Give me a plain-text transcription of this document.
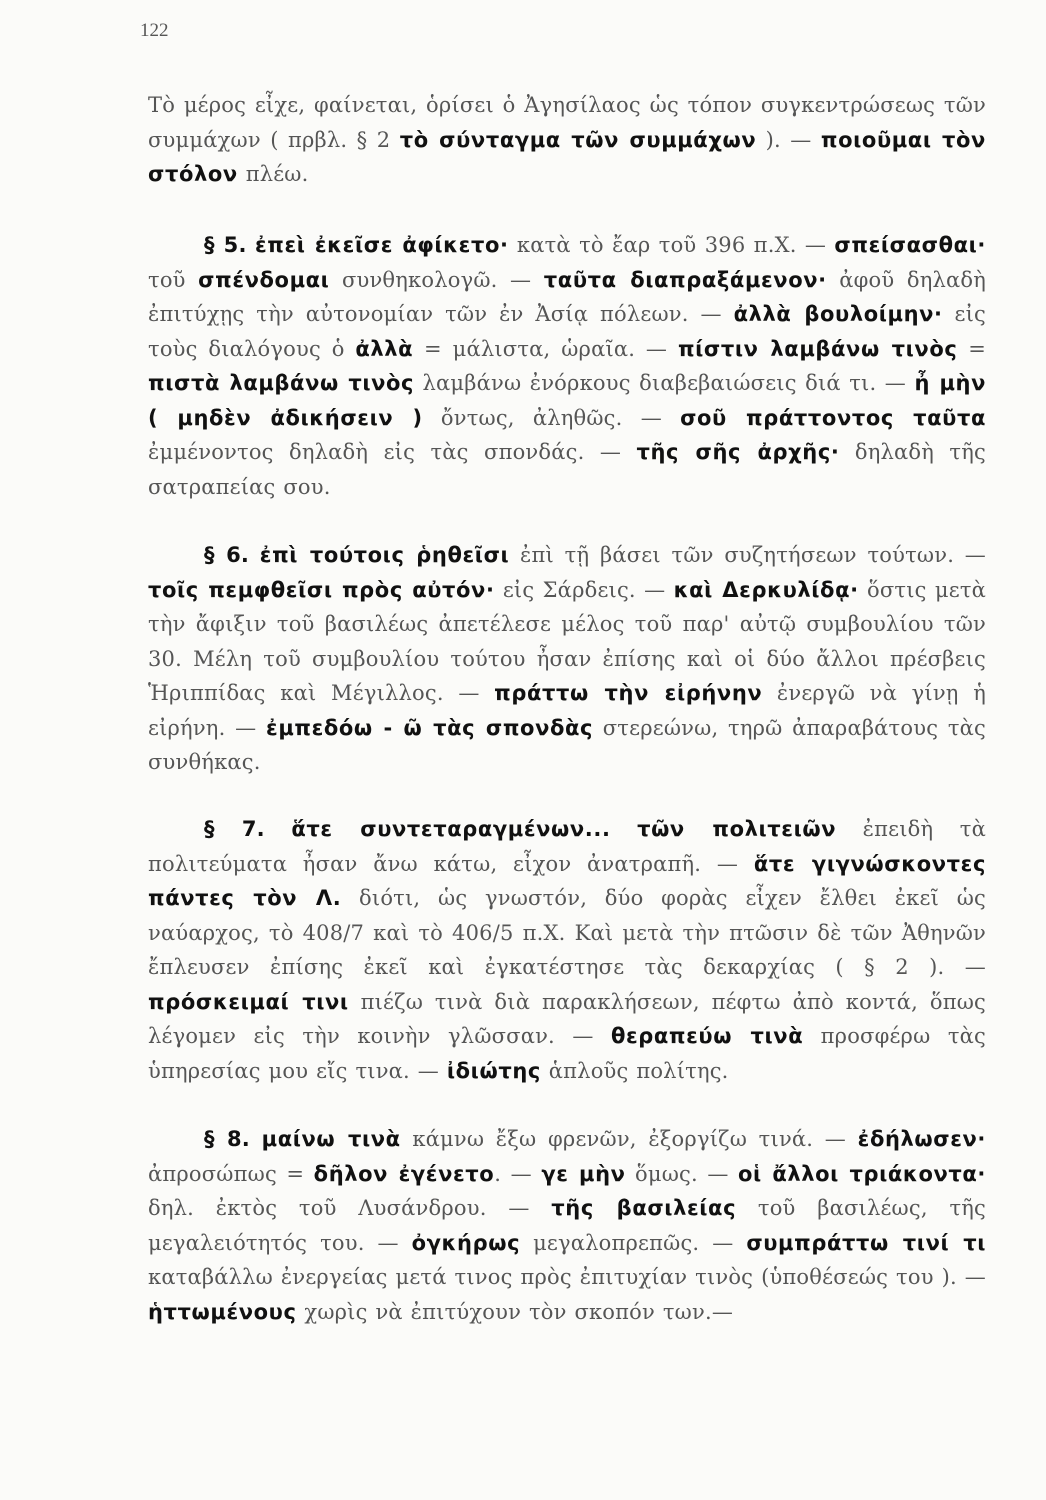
122

Τὸ μέρος εἶχε, φαίνεται, ὁρίσει ὁ Ἀγησίλαος ὡς τόπον συγκεντρώσεως τῶν συμμάχων ( πρβλ. § 2 τὸ σύνταγμα τῶν συμμάχων ). — ποιοῦμαι τὸν στόλον πλέω.

§ 5. ἐπεὶ ἐκεῖσε ἀφίκετο· κατὰ τὸ ἔαρ τοῦ 396 π.Χ. — σπείσασθαι· τοῦ σπένδομαι συνθηκολογῶ. — ταῦτα διαπραξάμενον· ἀφοῦ δηλαδὴ ἐπιτύχῃς τὴν αὐτονομίαν τῶν ἐν Ἀσίᾳ πόλεων. — ἀλλὰ βουλοίμην· εἰς τοὺς διαλόγους ὁ ἀλλὰ = μάλιστα, ὡραῖα. — πίστιν λαμβάνω τινὸς = πιστὰ λαμβάνω τινὸς λαμβάνω ἐνόρκους διαβεβαιώσεις διά τι. — ἦ μὴν ( μηδὲν ἀδικήσειν ) ὄντως, ἀληθῶς. — σοῦ πράττοντος ταῦτα ἐμμένοντος δηλαδὴ εἰς τὰς σπονδάς. — τῆς σῆς ἀρχῆς· δηλαδὴ τῆς σατραπείας σου.

§ 6. ἐπὶ τούτοις ῥηθεῖσι ἐπὶ τῇ βάσει τῶν συζητήσεων τούτων. — τοῖς πεμφθεῖσι πρὸς αὐτόν· εἰς Σάρδεις. — καὶ Δερκυλίδᾳ· ὅστις μετὰ τὴν ἄφιξιν τοῦ βασιλέως ἀπετέλεσε μέλος τοῦ παρ' αὐτῷ συμβουλίου τῶν 30. Μέλη τοῦ συμβουλίου τούτου ἦσαν ἐπίσης καὶ οἱ δύο ἄλλοι πρέσβεις Ἡριππίδας καὶ Μέγιλλος. — πράττω τὴν εἰρήνην ἐνεργῶ νὰ γίνῃ ἡ εἰρήνη. — ἐμπεδόω - ῶ τὰς σπονδὰς στερεώνω, τηρῶ ἀπαραβάτους τὰς συνθήκας.

§ 7. ἅτε συντεταραγμένων... τῶν πολιτειῶν ἐπειδὴ τὰ πολιτεύματα ἦσαν ἄνω κάτω, εἶχον ἀνατραπῆ. — ἅτε γιγνώσκοντες πάντες τὸν Λ. διότι, ὡς γνωστόν, δύο φορὰς εἶχεν ἔλθει ἐκεῖ ὡς ναύαρχος, τὸ 408/7 καὶ τὸ 406/5 π.Χ. Καὶ μετὰ τὴν πτῶσιν δὲ τῶν Ἀθηνῶν ἔπλευσεν ἐπίσης ἐκεῖ καὶ ἐγκατέστησε τὰς δεκαρχίας ( § 2 ). — πρόσκειμαί τινι πιέζω τινὰ διὰ παρακλήσεων, πέφτω ἀπὸ κοντά, ὅπως λέγομεν εἰς τὴν κοινὴν γλῶσσαν. — θεραπεύω τινὰ προσφέρω τὰς ὑπηρεσίας μου εἴς τινα. — ἰδιώτης ἁπλοῦς πολίτης.

§ 8. μαίνω τινὰ κάμνω ἔξω φρενῶν, ἐξοργίζω τινά. — ἐδήλωσεν· ἀπροσώπως = δῆλον ἐγένετο. — γε μὴν ὅμως. — οἱ ἄλλοι τριάκοντα· δηλ. ἐκτὸς τοῦ Λυσάνδρου. — τῆς βασιλείας τοῦ βασιλέως, τῆς μεγαλειότητός του. — ὀγκήρως μεγαλοπρεπῶς. — συμπράττω τινί τι καταβάλλω ἐνεργείας μετά τινος πρὸς ἐπιτυχίαν τινὸς (ὑποθέσεώς του ). — ἡττωμένους χωρὶς νὰ ἐπιτύχουν τὸν σκοπόν των.—
